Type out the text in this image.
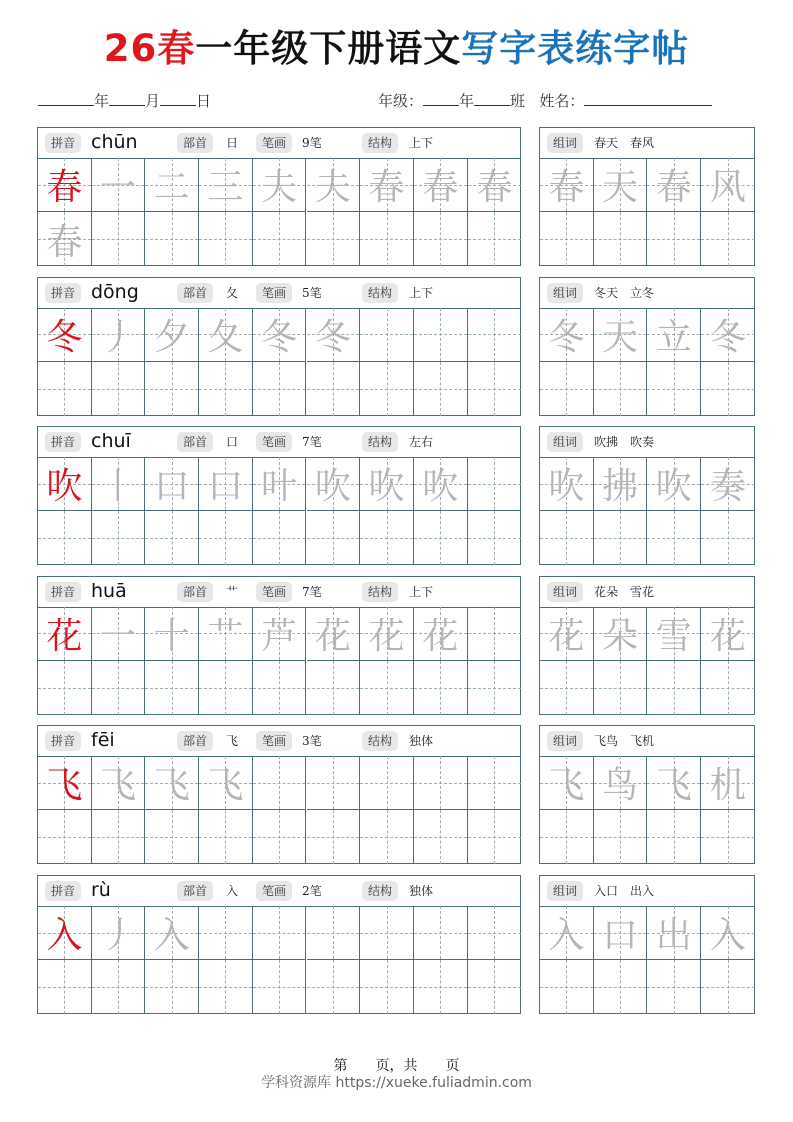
26春一年级下册语文写字表练字帖
年 月 日	年级： 年 班 姓名：
拼音 chūn	部首	日	笔画	9笔	结构	上下
春 一 二 三 夫 夫 春 春 春
春
组词	春天　春风
春 天 春 风
拼音 dōng	部首	夂	笔画	5笔	结构	上下
冬 丿 夕 夂 冬 冬
组词	冬天　立冬
冬 天 立 冬
拼音 chuī	部首	口	笔画	7笔	结构	左右
吹 丨 口 口 叶 吹 吹 吹
组词	吹拂　吹奏
吹 拂 吹 奏
拼音 huā	部首	艹	笔画	7笔	结构	上下
花 一 十 艹 芦 花 花 花
组词	花朵　雪花
花 朵 雪 花
拼音 fēi	部首	飞	笔画	3笔	结构	独体
飞 飞 飞 飞
组词	飞鸟　飞机
飞 鸟 飞 机
拼音 rù	部首	入	笔画	2笔	结构	独体
入 丿 入
组词	入口　出入
入 口 出 入
第　　页，共　　页
学科资源库 https://xueke.fuliadmin.com
